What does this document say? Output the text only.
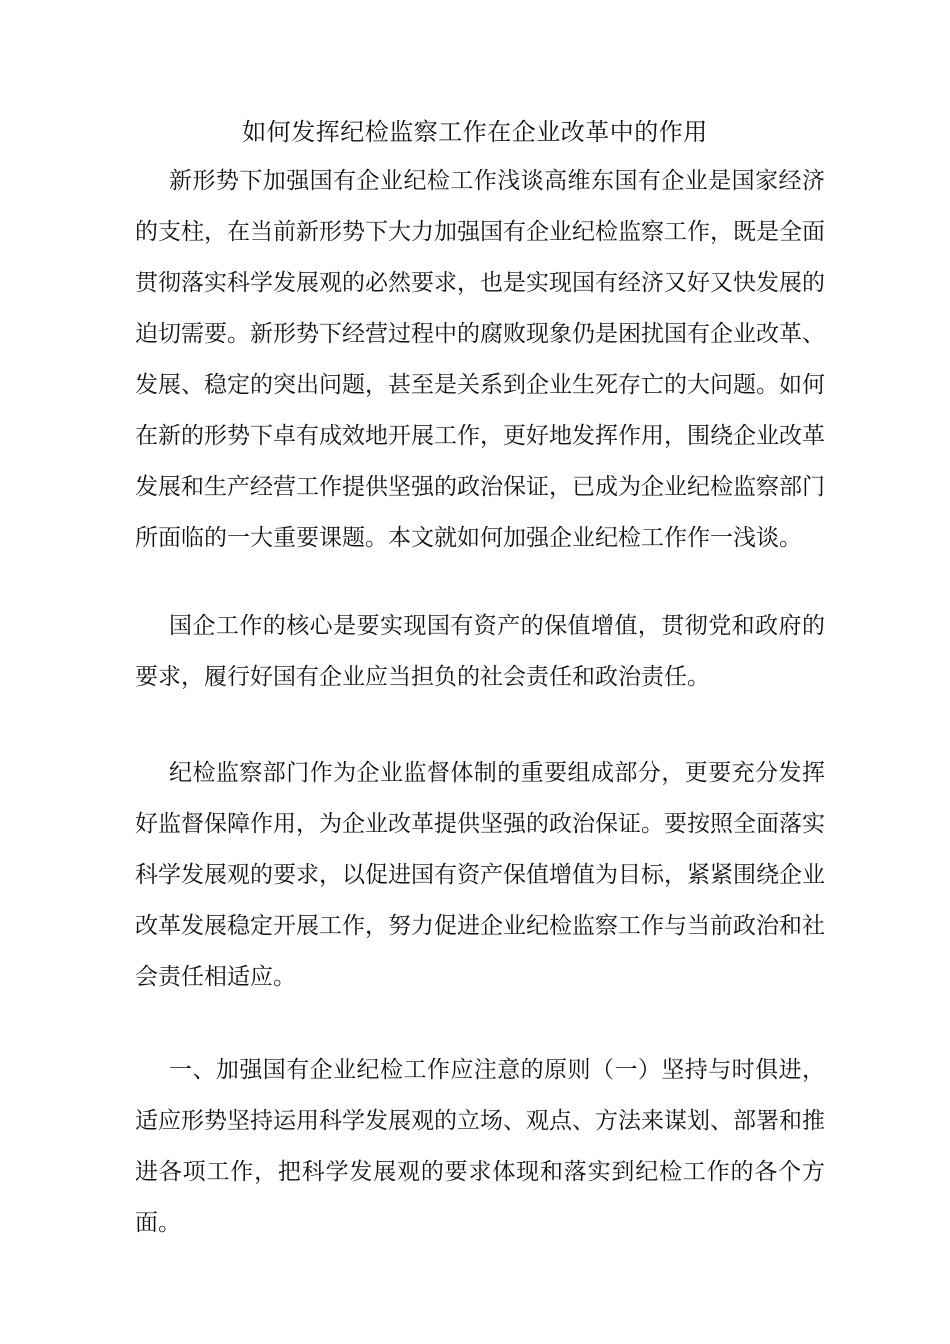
如何发挥纪检监察工作在企业改革中的作用

新形势下加强国有企业纪检工作浅谈高维东国有企业是国家经济的支柱，在当前新形势下大力加强国有企业纪检监察工作，既是全面贯彻落实科学发展观的必然要求，也是实现国有经济又好又快发展的迫切需要。新形势下经营过程中的腐败现象仍是困扰国有企业改革、发展、稳定的突出问题，甚至是关系到企业生死存亡的大问题。如何在新的形势下卓有成效地开展工作，更好地发挥作用，围绕企业改革发展和生产经营工作提供坚强的政治保证，已成为企业纪检监察部门所面临的一大重要课题。本文就如何加强企业纪检工作作一浅谈。

国企工作的核心是要实现国有资产的保值增值，贯彻党和政府的要求，履行好国有企业应当担负的社会责任和政治责任。

纪检监察部门作为企业监督体制的重要组成部分，更要充分发挥好监督保障作用，为企业改革提供坚强的政治保证。要按照全面落实科学发展观的要求，以促进国有资产保值增值为目标，紧紧围绕企业改革发展稳定开展工作，努力促进企业纪检监察工作与当前政治和社会责任相适应。

一、加强国有企业纪检工作应注意的原则（一）坚持与时俱进，适应形势坚持运用科学发展观的立场、观点、方法来谋划、部署和推进各项工作，把科学发展观的要求体现和落实到纪检工作的各个方面。
